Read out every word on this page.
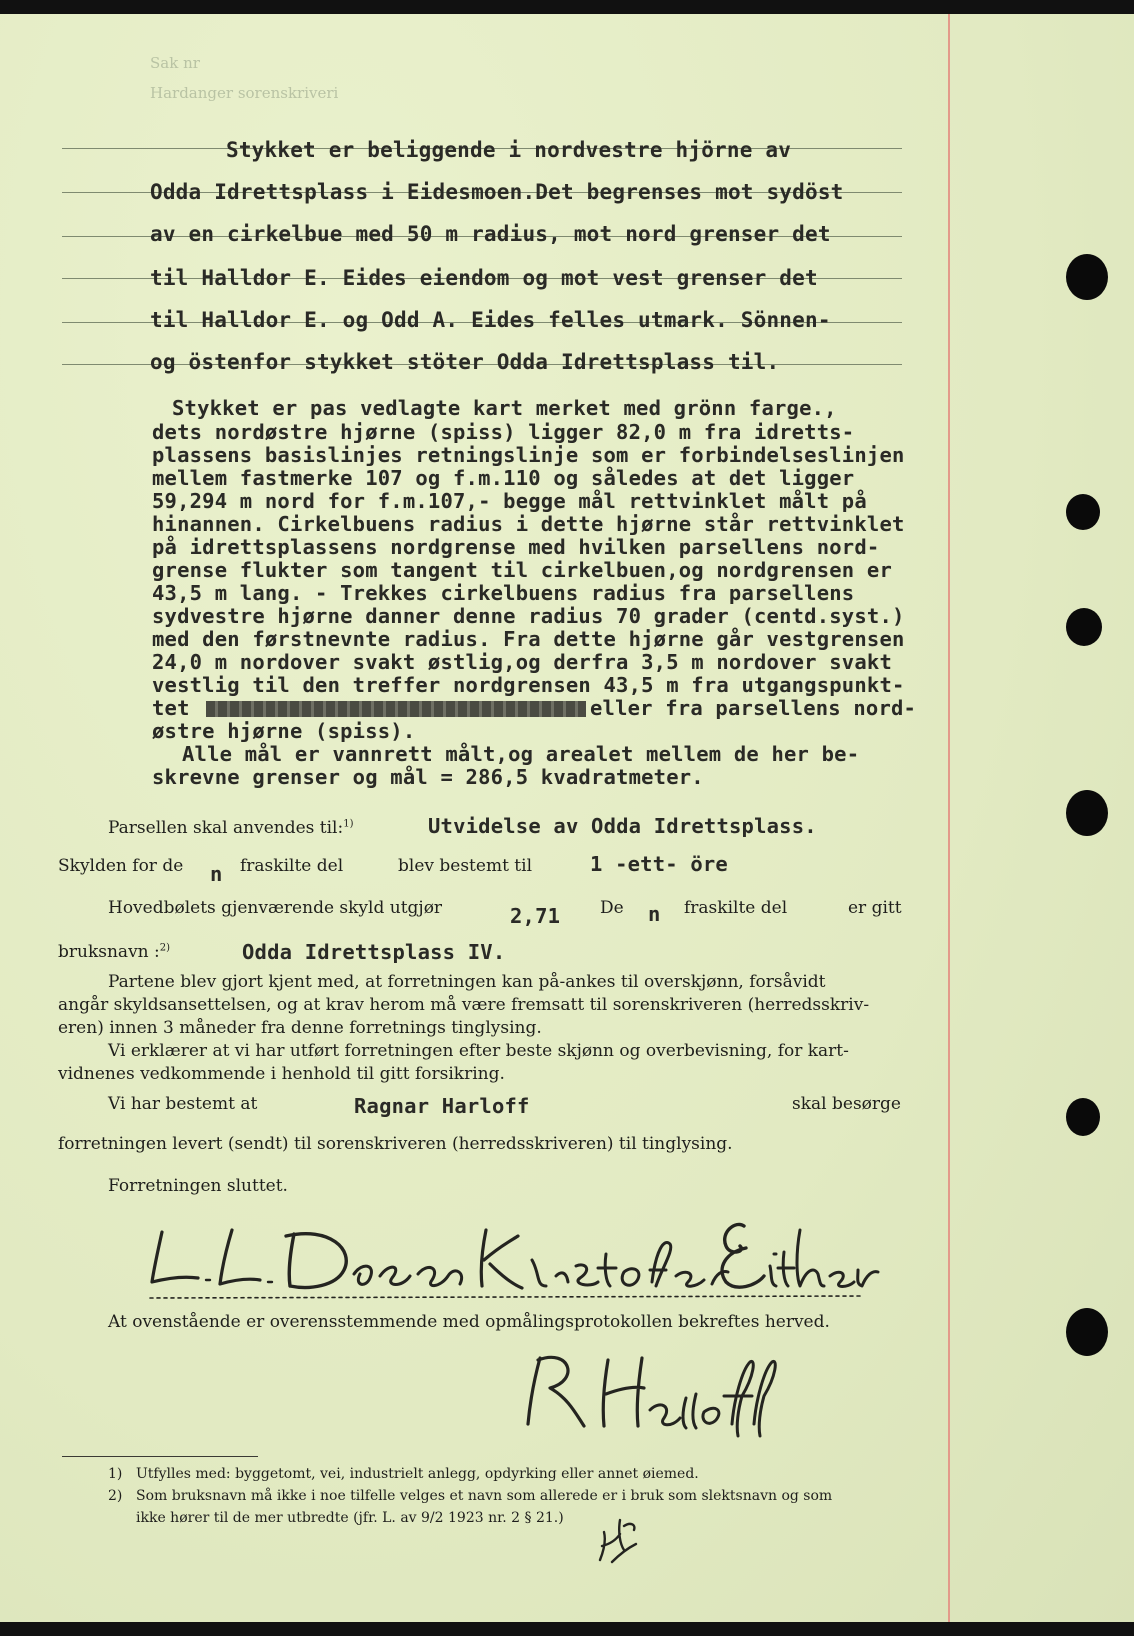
Sak nr
Hardanger sorenskriveri
Stykket er beliggende i nordvestre hjörne av
Odda Idrettsplass i Eidesmoen.Det begrenses mot sydöst
av en cirkelbue med 50 m radius, mot nord grenser det
til Halldor E. Eides eiendom og mot vest grenser det
til Halldor E. og Odd A. Eides felles utmark. Sönnen-
og östenfor stykket stöter Odda Idrettsplass til.
Stykket er pas vedlagte kart merket med grönn farge.,
dets nordøstre hjørne (spiss) ligger 82,0 m fra idretts-
plassens basislinjes retningslinje som er forbindelseslinjen
mellem fastmerke 107 og f.m.110 og således at det ligger
59,294 m nord for f.m.107,- begge mål rettvinklet målt på
hinannen. Cirkelbuens radius i dette hjørne står rettvinklet
på idrettsplassens nordgrense med hvilken parsellens nord-
grense flukter som tangent til cirkelbuen,og nordgrensen er
43,5 m lang. - Trekkes cirkelbuens radius fra parsellens
sydvestre hjørne danner denne radius 70 grader (centd.syst.)
med den førstnevnte radius. Fra dette hjørne går vestgrensen
24,0 m nordover svakt østlig,og derfra 3,5 m nordover svakt
vestlig til den treffer nordgrensen 43,5 m fra utgangspunkt-
tet	eller fra parsellens nord-
østre hjørne (spiss).
Alle mål er vannrett målt,og arealet mellem de her be-
skrevne grenser og mål = 286,5 kvadratmeter.
Parsellen skal anvendes til:$^{1)}$	Utvidelse av Odda Idrettsplass.
Skylden for de n fraskilte del	blev bestemt til	1 -ett- öre
Hovedbølets gjenværende skyld utgjør	2,71 De n fraskilte del	er gitt
bruksnavn :$^{2)}$	Odda Idrettsplass IV.
Partene blev gjort kjent med, at forretningen kan på-ankes til overskjønn, forsåvidt
angår skyldsansettelsen, og at krav herom må være fremsatt til sorenskriveren (herredsskriv-
eren) innen 3 måneder fra denne forretnings tinglysing.
Vi erklærer at vi har utført forretningen efter beste skjønn og overbevisning, for kart-
vidnenes vedkommende i henhold til gitt forsikring.
Vi har bestemt at	Ragnar Harloff	skal besørge
forretningen levert (sendt) til sorenskriveren (herredsskriveren) til tinglysing.
Forretningen sluttet.
At ovenstående er overensstemmende med opmålingsprotokollen bekreftes herved.
1) Utfylles med: byggetomt, vei, industrielt anlegg, opdyrking eller annet øiemed.
2) Som bruksnavn må ikke i noe tilfelle velges et navn som allerede er i bruk som slektsnavn og som
ikke hører til de mer utbredte (jfr. L. av 9/2 1923 nr. 2 § 21.)
